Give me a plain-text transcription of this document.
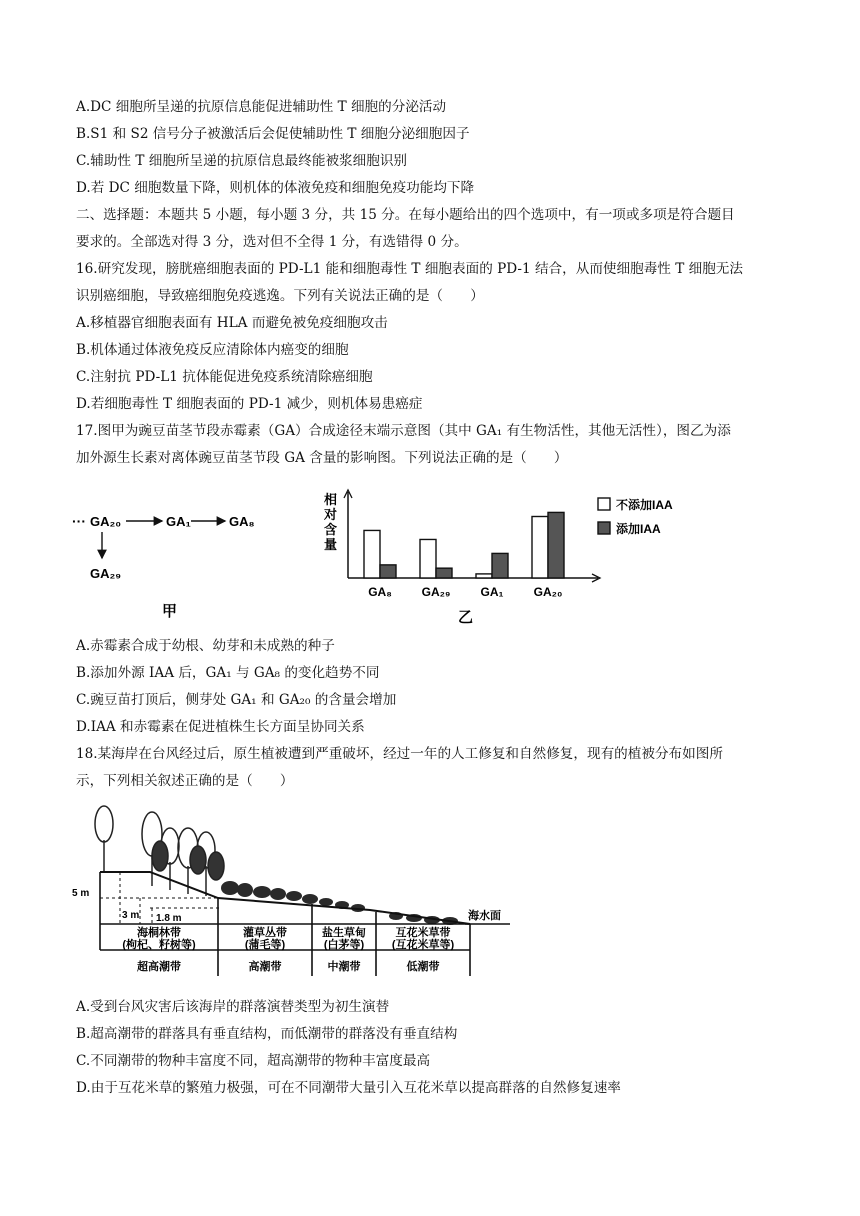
A.DC 细胞所呈递的抗原信息能促进辅助性 T 细胞的分泌活动
B.S1 和 S2 信号分子被激活后会促使辅助性 T 细胞分泌细胞因子
C.辅助性 T 细胞所呈递的抗原信息最终能被浆细胞识别
D.若 DC 细胞数量下降，则机体的体液免疫和细胞免疫功能均下降
二、选择题：本题共 5 小题，每小题 3 分，共 15 分。在每小题给出的四个选项中，有一项或多项是符合题目
要求的。全部选对得 3 分，选对但不全得 1 分，有选错得 0 分。
16.研究发现，膀胱癌细胞表面的 PD-L1 能和细胞毒性 T 细胞表面的 PD-1 结合，从而使细胞毒性 T 细胞无法
识别癌细胞，导致癌细胞免疫逃逸。下列有关说法正确的是（　　）
A.移植器官细胞表面有 HLA 而避免被免疫细胞攻击
B.机体通过体液免疫反应清除体内癌变的细胞
C.注射抗 PD-L1 抗体能促进免疫系统清除癌细胞
D.若细胞毒性 T 细胞表面的 PD-1 减少，则机体易患癌症
17.图甲为豌豆苗茎节段赤霉素（GA）合成途径末端示意图（其中 GA₁ 有生物活性，其他无活性），图乙为添
加外源生长素对离体豌豆苗茎节段 GA 含量的影响图。下列说法正确的是（　　）
··· GA₂₀	GA₁	GA₈
GA₂₉
甲
相
对
含
量
GA₈ GA₂₉	GA₁	GA₂₀
不添加IAA
添加IAA
乙
A.赤霉素合成于幼根、幼芽和未成熟的种子
B.添加外源 IAA 后，GA₁ 与 GA₈ 的变化趋势不同
C.豌豆苗打顶后，侧芽处 GA₁ 和 GA₂₀ 的含量会增加
D.IAA 和赤霉素在促进植株生长方面呈协同关系
18.某海岸在台风经过后，原生植被遭到严重破坏，经过一年的人工修复和自然修复，现有的植被分布如图所
示，下列相关叙述正确的是（　　）
5 m
3 m 1.8 m	海水面
海桐林带
(枸杞、籽树等)
灌草丛带
(蒲毛等)
盐生草甸
(白茅等)
互花米草带
(互花米草等)
超高潮带	高潮带	中潮带	低潮带
A.受到台风灾害后该海岸的群落演替类型为初生演替
B.超高潮带的群落具有垂直结构，而低潮带的群落没有垂直结构
C.不同潮带的物种丰富度不同，超高潮带的物种丰富度最高
D.由于互花米草的繁殖力极强，可在不同潮带大量引入互花米草以提高群落的自然修复速率
